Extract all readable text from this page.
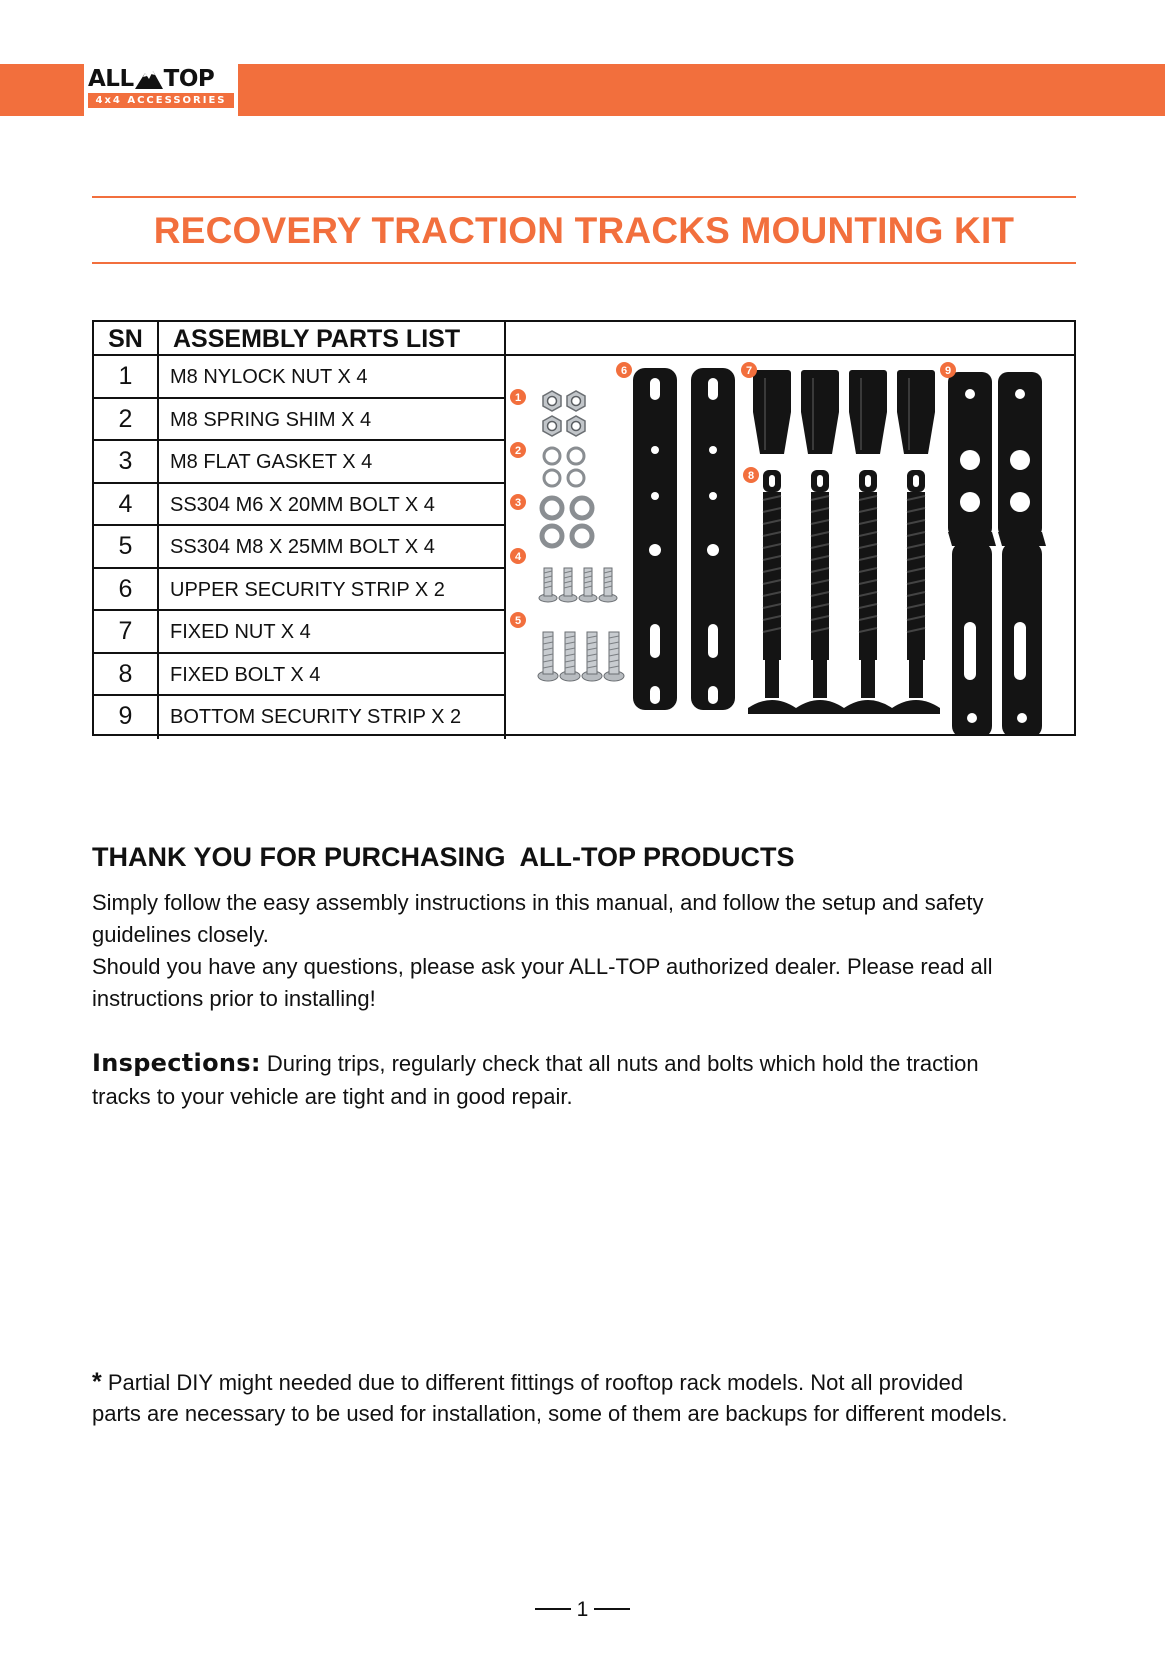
ALL TOP
4x4 ACCESSORIES
RECOVERY TRACTION TRACKS MOUNTING KIT
SN	ASSEMBLY PARTS LIST
1	M8 NYLOCK NUT X 4
2	M8 SPRING SHIM X 4
3	M8 FLAT GASKET X 4
4	SS304 M6 X 20MM BOLT X 4
5	SS304 M8 X 25MM BOLT X 4
6	UPPER SECURITY STRIP X 2
7	FIXED NUT X 4
8	FIXED BOLT X 4
9	BOTTOM SECURITY STRIP X 2
1
2
3
4
5
6	7
8
9
THANK YOU FOR PURCHASING  ALL-TOP PRODUCTS
Simply follow the easy assembly instructions in this manual, and follow the setup and safety
guidelines closely.
Should you have any questions, please ask your ALL-TOP authorized dealer. Please read all
instructions prior to installing!
Inspections: During trips, regularly check that all nuts and bolts which hold the traction
tracks to your vehicle are tight and in good repair.
* Partial DIY might needed due to different fittings of rooftop rack models. Not all provided
parts are necessary to be used for installation, some of them are backups for different models.
1
